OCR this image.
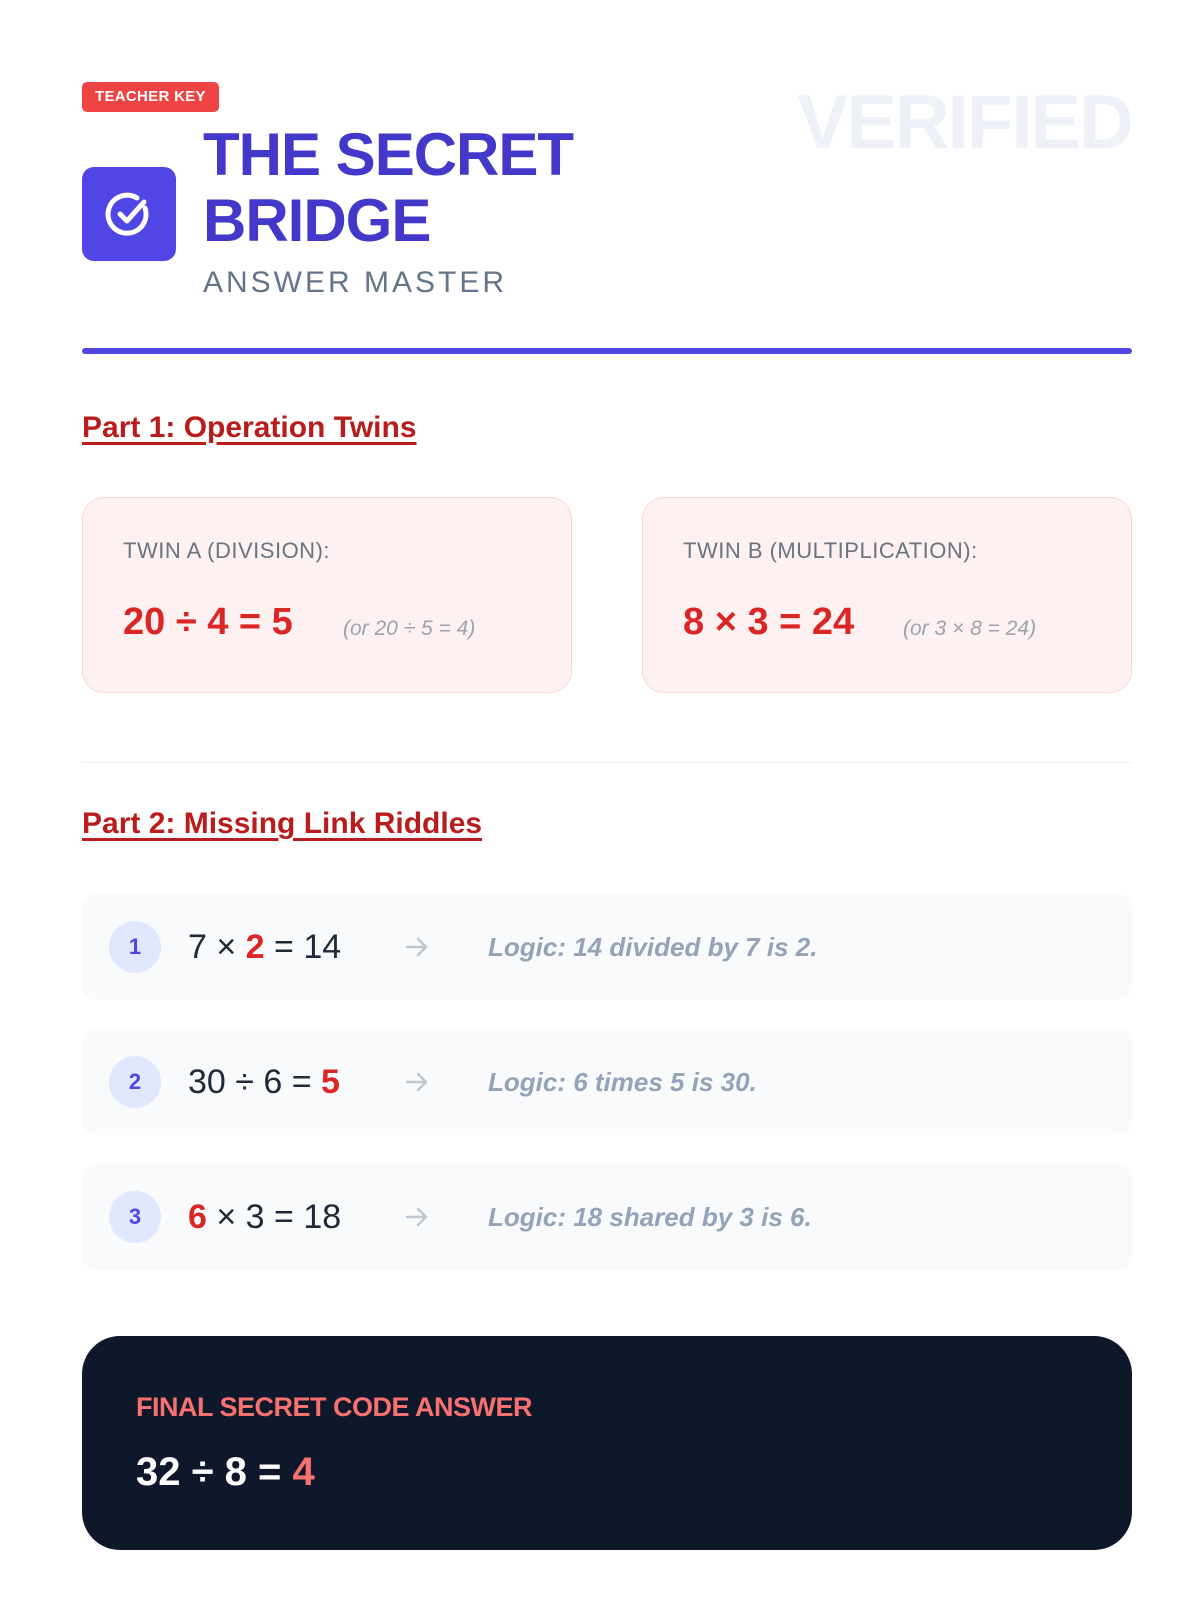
TEACHER KEY	VERIFIED
THE SECRET BRIDGE
ANSWER MASTER
Part 1: Operation Twins
TWIN A (DIVISION):
20 ÷ 4 = 5 (or 20 ÷ 5 = 4)
TWIN B (MULTIPLICATION):
8 × 3 = 24 (or 3 × 8 = 24)
Part 2: Missing Link Riddles
1	7 × 2 = 14	Logic: 14 divided by 7 is 2.
2	30 ÷ 6 = 5	Logic: 6 times 5 is 30.
3	6 × 3 = 18	Logic: 18 shared by 3 is 6.
FINAL SECRET CODE ANSWER
32 ÷ 8 = 4
